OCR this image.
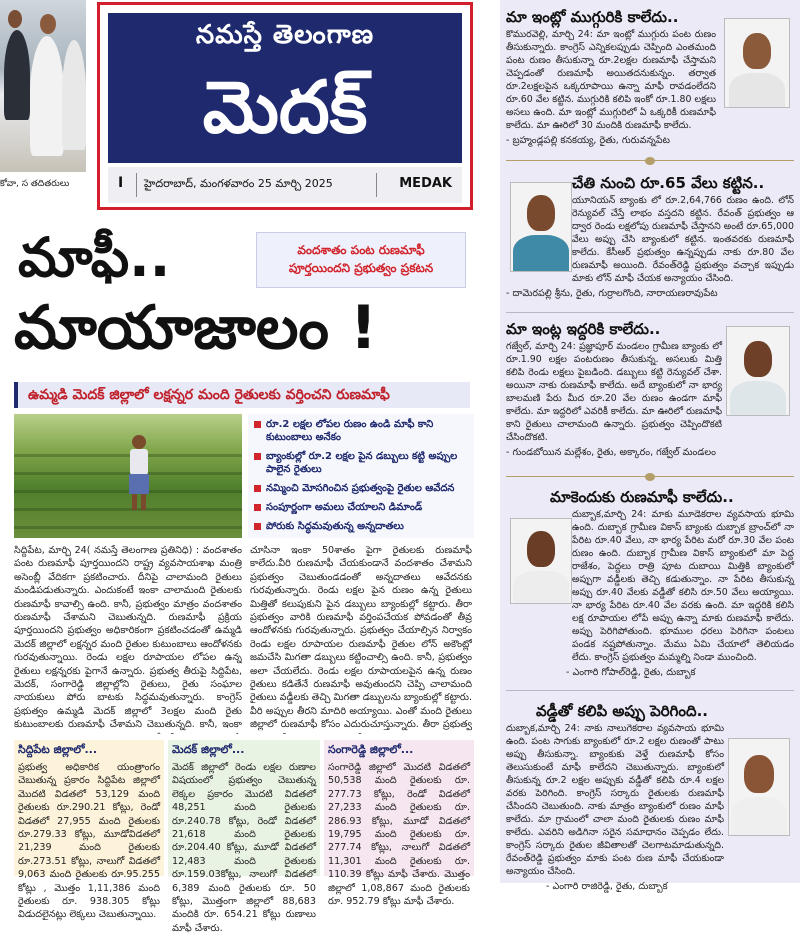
కోవా, స తదితరులు
నమస్తే తెలంగాణ
మెదక్
I హైదరాబాద్, మంగళవారం 25 మార్చి 2025	MEDAK
మాఫీ..
మాయాజాలం !
వందశాతం పంట రుణమాఫీ
పూర్తయిందని ప్రభుత్వం ప్రకటన
ఉమ్మడి మెదక్ జిల్లాలో లక్షన్నర మంది రైతులకు వర్తించని రుణమాఫీ
రూ.2 లక్షల లోపల రుణం ఉండి మాఫీ కాని కుటుంబాలు అనేకం
బ్యాంకుల్లో రూ.2 లక్షల పైన డబ్బులు కట్టి అప్పుల పాలైన రైతులు
నమ్మించి మోసగించిన ప్రభుత్వంపై రైతుల ఆవేదన
సంపూర్ణంగా అమలు చేయాలని డిమాండ్
పోరుకు సిద్ధమవుతున్న అన్నదాతలు
సిద్దిపేట, మార్చి 24( నమస్తే తెలంగాణ ప్రతినిధి) : వందశాతం పంట రుణమాఫీ పూర్తయిందని రాష్ట్ర వ్యవసాయశాఖ మంత్రి అసెంబ్లీ వేదికగా ప్రకటించారు. దీనిపై చాలామంది రైతులు మండిపడుతున్నారు. ఎందుకంటే ఇంకా చాలామంది రైతులకు రుణమాఫీ కావాల్సి ఉంది. కానీ, ప్రభుత్వం మాత్రం వందశాతం రుణమాఫీ చేశామని చెబుతున్నది. రుణమాఫీ ప్రక్రియ పూర్తయిందని ప్రభుత్వం అధికారికంగా ప్రకటించడంతో ఉమ్మడి మెదక్ జిల్లాలో లక్షన్నర మంది రైతుల కుటుంబాలు ఆందోళనకు గురవుతున్నాయి. రెండు లక్షల రూపాయల లోపల ఉన్న రైతులు లక్షన్నరకు పైగానే ఉన్నారు. ప్రభుత్వ తీరుపై సిద్దిపేట, మెదక్, సంగారెడ్డి జిల్లాల్లోని రైతులు, రైతు సంఘాల నాయకులు పోరు బాటకు సిద్ధమవుతున్నారు. కాంగ్రెస్ ప్రభుత్వం ఉమ్మడి మెదక్ జిల్లాలో 3లక్షల మంది రైతు కుటుంబాలకు రుణమాఫీ చేశామని చెబుతున్నది. కానీ, ఇంకా
చూసినా ఇంకా 50శాతం పైగా రైతులకు రుణమాఫీ కాలేదు.వీరి రుణమాఫీ చేయకుండానే వందశాతం చేశామని ప్రభుత్వం చెబుతుండడంతో అన్నదాతలు ఆవేదనకు గురవుతున్నారు. రెండు లక్షల పైన రుణం ఉన్న రైతులు మిత్తితో కలుపుకుని పైన డబ్బులు బ్యాంకుల్లో కట్టారు. తీరా ప్రభుత్వం వారికి రుణమాఫీ వర్తింపచేయక పోవడంతో తీవ్ర ఆందోళనకు గురవుతున్నారు. ప్రభుత్వం చేయాల్సిన నిర్వాకం రెండు లక్షల రూపాయల రుణమాఫీ రైతుల లోన్ అకౌంట్లో జమచేసి మిగతా డబ్బులు కట్టించాల్సి ఉంది. కానీ, ప్రభుత్వం అలా చేయలేదు. రెండు లక్షల రూపాయలపైన ఉన్న రుణం రైతులు కడితేనే రుణమాఫీ అవుతుందని చెప్పి చాలామంది రైతులు వడ్డీలకు తెచ్చి మిగతా డబ్బులను బ్యాంకుల్లో కట్టారు. వీరి అప్పుల తీరని మాదిరి అయ్యాయి. ఎంతో మంది రైతులు జిల్లాలో రుణమాఫీ కోసం ఎదురుచూస్తున్నారు. తీరా ప్రభుత్వ
సిద్దిపేట జిల్లాలో...
ప్రభుత్వ అధికారిక యంత్రాంగం చెబుతున్న ప్రకారం సిద్దిపేట జిల్లాలో మొదటి విడతలో 53,129 మంది రైతులకు రూ.290.21 కోట్లు, రెండో విడతలో 27,955 మంది రైతులకు రూ.279.33 కోట్లు, మూడోవిడతలో 21,239 మంది రైతులకు రూ.273.51 కోట్లు, నాలుగో విడతలో 9,063 మంది రైతులకు రూ.95.255 కోట్లు , మొత్తం 1,11,386 మంది రైతులకు రూ. 938.305 కోట్లు విడుదలైనట్లు లెక్కలు చెబుతున్నాయి.
మెదక్ జిల్లాలో...
మెదక్ జిల్లాలో రెండు లక్షల రుణాల విషయంలో ప్రభుత్వం చెబుతున్న లెక్కల ప్రకారం మొదటి విడతలో 48,251 మంది రైతులకు రూ.240.78 కోట్లు, రెండో విడతలో 21,618 మంది రైతులకు రూ.204.40 కోట్లు, మూడో విడతలో 12,483 మంది రైతులకు రూ.159.03కోట్లు, నాలుగో విడతలో 6,389 మంది రైతులకు రూ. 50 కోట్లు, మొత్తంగా జిల్లాలో 88,683 మందికి రూ. 654.21 కోట్లు రుణాలు మాఫీ చేశారు.
సంగారెడ్డి జిల్లాలో...
సంగారెడ్డి జిల్లాలో మొదటి విడతలో 50,538 మంది రైతులకు రూ. 277.73 కోట్లు, రెండో విడతలో 27,233 మంది రైతులకు రూ. 286.93 కోట్లు, మూడో విడతలో 19,795 మంది రైతులకు రూ. 277.74 కోట్లు, నాలుగో విడతలో 11,301 మంది రైతులకు రూ. 110.39 కోట్లు మాఫీ చేశారు. మొత్తం జిల్లాలో 1,08,867 మంది రైతులకు రూ. 952.79 కోట్లు మాఫీ చేశారు.
మా ఇంట్లో ముగ్గురికి కాలేదు..
కొమురవెల్లి, మార్చి 24: మా ఇంట్లో ముగ్గురు పంట రుణం తీసుకున్నారు. కాంగ్రెస్ ఎన్నికలప్పుడు చెప్పింది ఎంతమంది పంట రుణం తీసుకున్నా రూ.2లక్షల రుణమాఫీ చేస్తామని చెప్పడంతో రుణమాఫీ అయితదనుకున్నం. తర్వాత రూ.2లక్షలపైన ఒక్కరూపాయి ఉన్నా మాఫీ రావడంలేదని రూ.60 వేల కట్టిన. ముగ్గురికి కలిపి ఇంకో రూ.1.80 లక్షలు అసలు ఉంది. మా ఇంట్లో ముగ్గురిలో ఏ ఒక్కరికీ రుణమాఫీ కాలేదు. మా ఊరిలో 30 మందికి రుణమాఫీ కాలేదు.
- బ్రహ్మండ్లపల్లి కనకయ్య, రైతు, గురువన్నపేట
చేతి నుంచి రూ.65 వేలు కట్టిన..
యూనియన్ బ్యాంకు లో రూ.2,64,766 రుణం ఉంది. లోన్ రెన్యువల్ చేస్తే లాభం వస్తదని కట్టిన. రేవంత్ ప్రభుత్వం ఆ ద్వార రెండు లక్షలోపు రుణమాఫీ చేస్తానని అంటే రూ.65,000 వేలు అప్పు చేసి బ్యాంకులో కట్టిన. ఇంతవరకు రుణమాఫీ కాలేదు. కేసీఆర్ ప్రభుత్వం ఉన్నప్పుడు నాకు రూ.80 వేల రుణమాఫీ అయింది. రేవంత్‌రెడ్డి ప్రభుత్వం వచ్చాక ఇప్పుడు మాకు లోన్ మాఫీ చేయక అన్యాయం చేసింది.
- దామెరపల్లి శ్రీను, రైతు, గుర్రాలగొంది, నారాయణరావుపేట
మా ఇంట్ల ఇద్దరికి కాలేదు..
గజ్వేల్, మార్చి 24: ప్రజ్ఞాపూర్ మండలం గ్రామీణ బ్యాంకు లో రూ.1.90 లక్షల పంటరుణం తీసుకున్న. అసలుకు మిత్తి కలిపి రెండు లక్షలు పైబడింది. డబ్బులు కట్టి రెన్యువల్ చేశా. అయినా నాకు రుణమాఫీ కాలేదు. అదే బ్యాంకులో నా భార్య బాలమణి పేరు మీద రూ.20 వేల రుణం ఉండగా మాఫీ కాలేదు. మా ఇద్దరిలో ఎవరికీ కాలేదు. మా ఊరిలో రుణమాఫీ కాని రైతులు చాలామంది ఉన్నారు. ప్రభుత్వం చెప్పిందొకటి చేసిందొకటి.
- గుండబోయిన మల్లేశం, రైతు, అక్కారం, గజ్వేల్ మండలం
మాకెందుకు రుణమాఫీ కాలేదు..
దుబ్బాక,మార్చి 24: మాకు మూడెకరాల వ్యవసాయ భూమి ఉంది. దుబ్బాక గ్రామీణ వికాస్ బ్యాంకు దుబ్బాక బ్రాంచ్‌లో నా పేరిట రూ.40 వేలు, నా భార్య పేరిట మరో రూ.30 వేల పంట రుణం ఉంది. దుబ్బాక గ్రామీణ వికాస్ బ్యాంకులో మా పెద్ద రాజేశం, పెద్దలు రాత్రి పూట దుబాయి మిత్తికి బ్యాంకులో అప్పుగా వడ్డీలకు తెచ్చి కడుతున్నాం. నా పేరిట తీసుకున్న అప్పు రూ.40 వేలకు వడ్డీతో కలిసి రూ.50 వేలు అయ్యాయి. నా భార్య పేరిట రూ.40 వేల వరకు ఉంది. మా ఇద్దరికి కలిసి లక్ష రూపాయల లోపే అప్పు ఉన్నా మాకు రుణమాఫీ కాలేదు. అప్పు పెరిగిపోతుంది. భూముల ధరలు పెరిగినా పంటలు పండక నష్టపోతున్నాం. మేము ఏమి చేయాలో తెలియడం లేదు. కాంగ్రెస్ ప్రభుత్వం మమ్మల్ని నిండా ముంచింది.
- ఎంగారి గోపాల్‌రెడ్డి, రైతు, దుబ్బాక
వడ్డీతో కలిపి అప్పు పెరిగింది..
దుబ్బాక,మార్చి 24: నాకు నాలుగెకరాల వ్యవసాయ భూమి ఉంది. పంట సాగుకు బ్యాంకులో రూ.2 లక్షల రుణంతో పాటు అప్పు తీసుకున్నా. బ్యాంకుకు వెళ్తే రుణమాఫీ కోసం తెలుసుకుంటే మాఫీ కాలేదని చెబుతున్నారు. బ్యాంకులో తీసుకున్న రూ.2 లక్షల అప్పుకు వడ్డీతో కలిపి రూ.4 లక్షల వరకు పెరిగింది. కాంగ్రెస్ సర్కారు రైతులకు రుణమాఫీ చేసిందని చెబుతుంది. నాకు మాత్రం బ్యాంకులో రుణం మాఫీ కాలేదు. మా గ్రామంలో చాలా మంది రైతులకు రుణం మాఫీ కాలేదు. ఎవరిని అడిగినా సరైన సమాధానం చెప్పడం లేదు. కాంగ్రెస్ సర్కారు రైతుల జీవితాలతో చెలగాటమాడుతున్నది. రేవంత్‌రెడ్డి ప్రభుత్వం మాకు పంట రుణ మాఫీ చేయకుండా అన్యాయం చేసింది.
- ఎంగారి రాజిరెడ్డి, రైతు, దుబ్బాక
